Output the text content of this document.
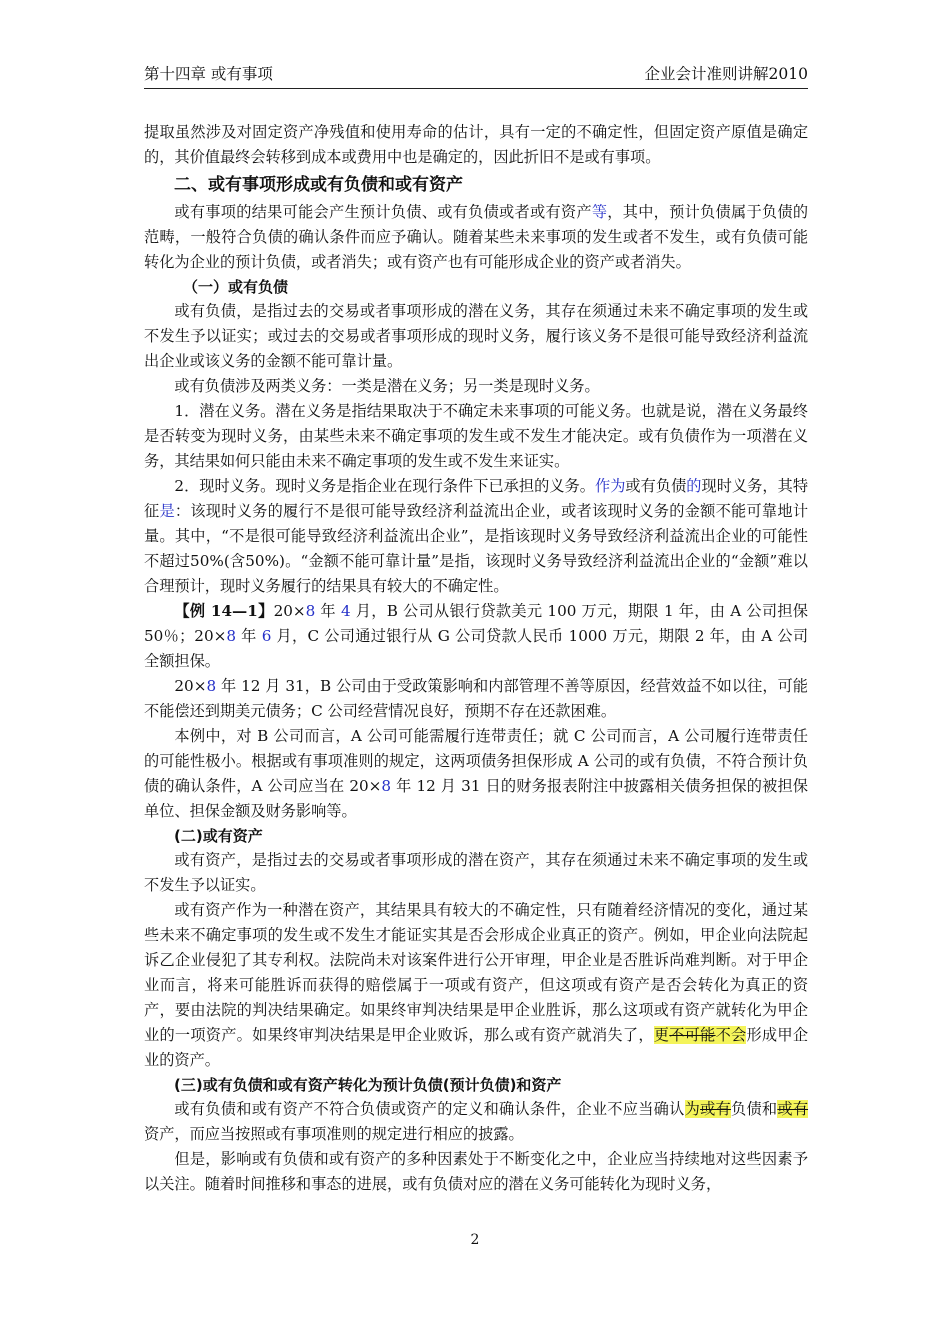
第十四章 或有事项	企业会计准则讲解2010

提取虽然涉及对固定资产净残值和使用寿命的估计，具有一定的不确定性，但固定资产原值是确定的，其价值最终会转移到成本或费用中也是确定的，因此折旧不是或有事项。

二、或有事项形成或有负债和或有资产

或有事项的结果可能会产生预计负债、或有负债或者或有资产等，其中，预计负债属于负债的范畴，一般符合负债的确认条件而应予确认。随着某些未来事项的发生或者不发生，或有负债可能转化为企业的预计负债，或者消失；或有资产也有可能形成企业的资产或者消失。

（一）或有负债

或有负债，是指过去的交易或者事项形成的潜在义务，其存在须通过未来不确定事项的发生或不发生予以证实；或过去的交易或者事项形成的现时义务，履行该义务不是很可能导致经济利益流出企业或该义务的金额不能可靠计量。

或有负债涉及两类义务：一类是潜在义务；另一类是现时义务。

1．潜在义务。潜在义务是指结果取决于不确定未来事项的可能义务。也就是说，潜在义务最终是否转变为现时义务，由某些未来不确定事项的发生或不发生才能决定。或有负债作为一项潜在义务，其结果如何只能由未来不确定事项的发生或不发生来证实。

2．现时义务。现时义务是指企业在现行条件下已承担的义务。作为或有负债的现时义务，其特征是：该现时义务的履行不是很可能导致经济利益流出企业，或者该现时义务的金额不能可靠地计量。其中，“不是很可能导致经济利益流出企业”，是指该现时义务导致经济利益流出企业的可能性不超过50%(含50%)。“金额不能可靠计量”是指，该现时义务导致经济利益流出企业的“金额”难以合理预计，现时义务履行的结果具有较大的不确定性。

【例 14—1】20×8 年 4 月，B 公司从银行贷款美元 100 万元，期限 1 年，由 A 公司担保 50％；20×8 年 6 月，C 公司通过银行从 G 公司贷款人民币 1000 万元，期限 2 年，由 A 公司全额担保。

20×8 年 12 月 31，B 公司由于受政策影响和内部管理不善等原因，经营效益不如以往，可能不能偿还到期美元债务；C 公司经营情况良好，预期不存在还款困难。

本例中，对 B 公司而言，A 公司可能需履行连带责任；就 C 公司而言，A 公司履行连带责任的可能性极小。根据或有事项准则的规定，这两项债务担保形成 A 公司的或有负债，不符合预计负债的确认条件，A 公司应当在 20×8 年 12 月 31 日的财务报表附注中披露相关债务担保的被担保单位、担保金额及财务影响等。

(二)或有资产

或有资产，是指过去的交易或者事项形成的潜在资产，其存在须通过未来不确定事项的发生或不发生予以证实。

或有资产作为一种潜在资产，其结果具有较大的不确定性，只有随着经济情况的变化，通过某些未来不确定事项的发生或不发生才能证实其是否会形成企业真正的资产。例如，甲企业向法院起诉乙企业侵犯了其专利权。法院尚未对该案件进行公开审理，甲企业是否胜诉尚难判断。对于甲企业而言，将来可能胜诉而获得的赔偿属于一项或有资产，但这项或有资产是否会转化为真正的资产，要由法院的判决结果确定。如果终审判决结果是甲企业胜诉，那么这项或有资产就转化为甲企业的一项资产。如果终审判决结果是甲企业败诉，那么或有资产就消失了，更不可能不会形成甲企业的资产。

(三)或有负债和或有资产转化为预计负债(预计负债)和资产

或有负债和或有资产不符合负债或资产的定义和确认条件，企业不应当确认为或有负债和或有资产，而应当按照或有事项准则的规定进行相应的披露。

但是，影响或有负债和或有资产的多种因素处于不断变化之中，企业应当持续地对这些因素予以关注。随着时间推移和事态的进展，或有负债对应的潜在义务可能转化为现时义务，

2
